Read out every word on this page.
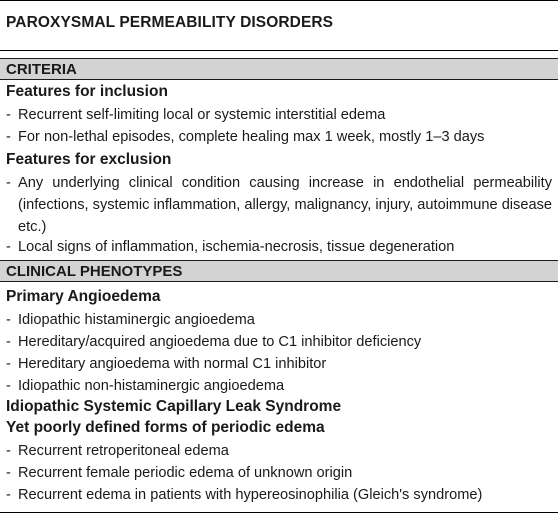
PAROXYSMAL PERMEABILITY DISORDERS
CRITERIA
Features for inclusion
- Recurrent self-limiting local or systemic interstitial edema
- For non-lethal episodes, complete healing max 1 week, mostly 1–3 days
Features for exclusion
- Any underlying clinical condition causing increase in endothelial permeability (infections, systemic inflammation, allergy, malignancy, injury, autoimmune disease etc.)
- Local signs of inflammation, ischemia-necrosis, tissue degeneration
CLINICAL PHENOTYPES
Primary Angioedema
- Idiopathic histaminergic angioedema
- Hereditary/acquired angioedema due to C1 inhibitor deficiency
- Hereditary angioedema with normal C1 inhibitor
- Idiopathic non-histaminergic angioedema
Idiopathic Systemic Capillary Leak Syndrome
Yet poorly defined forms of periodic edema
- Recurrent retroperitoneal edema
- Recurrent female periodic edema of unknown origin
- Recurrent edema in patients with hypereosinophilia (Gleich's syndrome)
